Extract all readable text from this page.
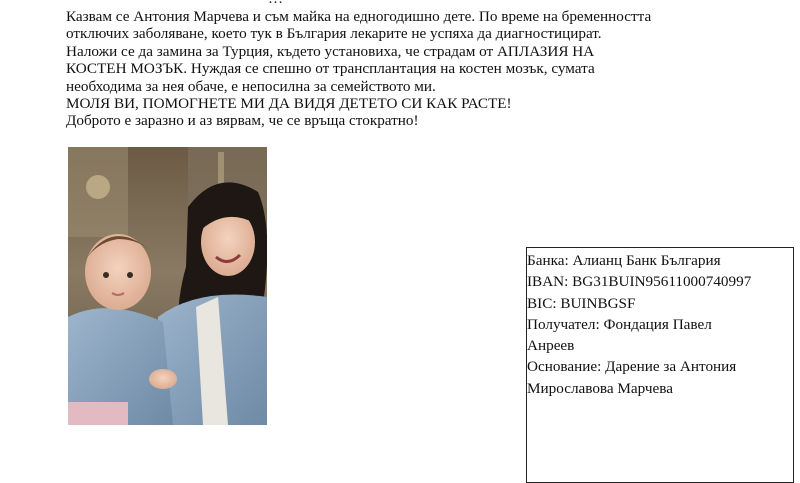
Казвам се Антония Марчева и съм майка на едногодишно дете. По време на бременността

отключих заболяване, което тук в България лекарите не успяха да диагностицират.

Наложи се да замина за Турция, където установиха, че страдам от АПЛАЗИЯ НА

КОСТЕН МОЗЪК. Нуждая се спешно от трансплантация на костен мозък, сумата

необходима за нея обаче, е непосилна за семейството ми.

МОЛЯ ВИ, ПОМОГНЕТЕ МИ ДА ВИДЯ ДЕТЕТО СИ КАК РАСТЕ!

Доброто е заразно и аз вярвам, че се връща стократно!

Банка: Алианц Банк България
IBAN: BG31BUIN95611000740997
BIC: BUINBGSF
Получател: Фондация Павел
Анреев
Основание: Дарение за Антония
Мирославова Марчева
